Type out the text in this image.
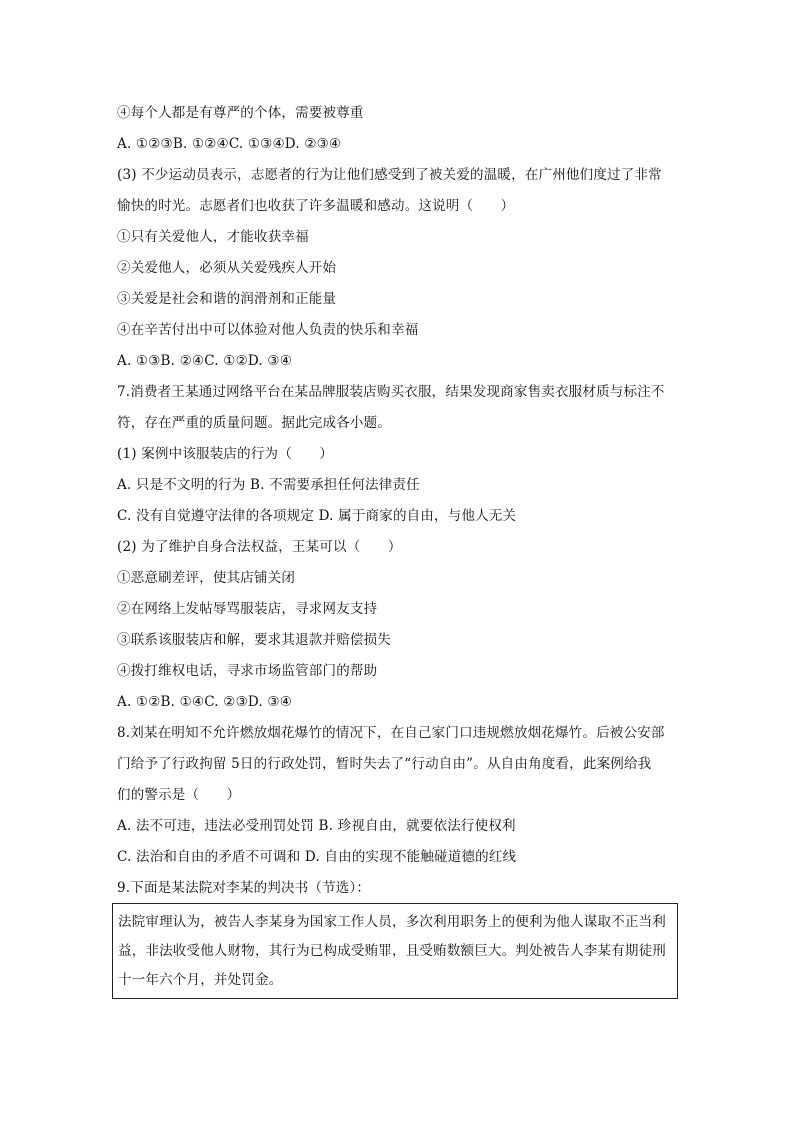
④每个人都是有尊严的个体，需要被尊重
A. ①②③B. ①②④C. ①③④D. ②③④
(3) 不少运动员表示，志愿者的行为让他们感受到了被关爱的温暖，在广州他们度过了非常
愉快的时光。志愿者们也收获了许多温暖和感动。这说明（　　）
①只有关爱他人，才能收获幸福
②关爱他人，必须从关爱残疾人开始
③关爱是社会和谐的润滑剂和正能量
④在辛苦付出中可以体验对他人负责的快乐和幸福
A. ①③B. ②④C. ①②D. ③④
7.消费者王某通过网络平台在某品牌服装店购买衣服，结果发现商家售卖衣服材质与标注不
符，存在严重的质量问题。据此完成各小题。
(1) 案例中该服装店的行为（　　）
A. 只是不文明的行为 B. 不需要承担任何法律责任
C. 没有自觉遵守法律的各项规定 D. 属于商家的自由，与他人无关
(2) 为了维护自身合法权益，王某可以（　　）
①恶意刷差评，使其店铺关闭
②在网络上发帖辱骂服装店，寻求网友支持
③联系该服装店和解，要求其退款并赔偿损失
④拨打维权电话，寻求市场监管部门的帮助
A. ①②B. ①④C. ②③D. ③④
8.刘某在明知不允许燃放烟花爆竹的情况下，在自己家门口违规燃放烟花爆竹。后被公安部
门给予了行政拘留 5日的行政处罚，暂时失去了“行动自由”。从自由角度看，此案例给我
们的警示是（　　）
A. 法不可违，违法必受刑罚处罚 B. 珍视自由，就要依法行使权利
C. 法治和自由的矛盾不可调和 D. 自由的实现不能触碰道德的红线
9.下面是某法院对李某的判决书（节选）：
法院审理认为，被告人李某身为国家工作人员，多次利用职务上的便利为他人谋取不正当利
益，非法收受他人财物，其行为已构成受贿罪，且受贿数额巨大。判处被告人李某有期徒刑
十一年六个月，并处罚金。
